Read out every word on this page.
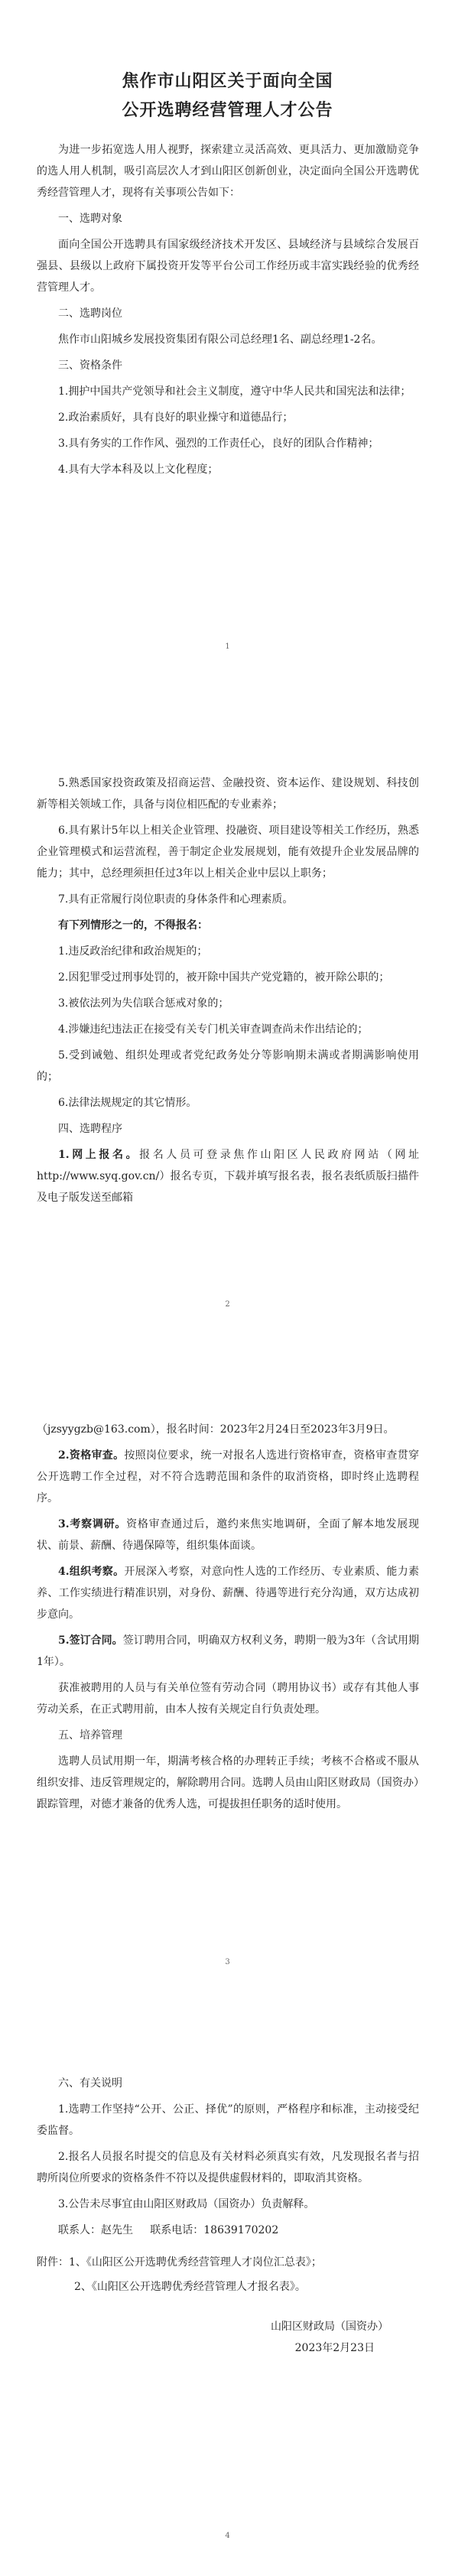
焦作市山阳区关于面向全国
公开选聘经营管理人才公告

为进一步拓宽选人用人视野，探索建立灵活高效、更具活力、更加激励竞争的选人用人机制，吸引高层次人才到山阳区创新创业，决定面向全国公开选聘优秀经营管理人才，现将有关事项公告如下：

一、选聘对象

面向全国公开选聘具有国家级经济技术开发区、县域经济与县域综合发展百强县、县级以上政府下属投资开发等平台公司工作经历或丰富实践经验的优秀经营管理人才。

二、选聘岗位

焦作市山阳城乡发展投资集团有限公司总经理1名、副总经理1-2名。

三、资格条件

1.拥护中国共产党领导和社会主义制度，遵守中华人民共和国宪法和法律；

2.政治素质好，具有良好的职业操守和道德品行；

3.具有务实的工作作风、强烈的工作责任心，良好的团队合作精神；

4.具有大学本科及以上文化程度；

1

5.熟悉国家投资政策及招商运营、金融投资、资本运作、建设规划、科技创新等相关领域工作，具备与岗位相匹配的专业素养；

6.具有累计5年以上相关企业管理、投融资、项目建设等相关工作经历，熟悉企业管理模式和运营流程，善于制定企业发展规划，能有效提升企业发展品牌的能力；其中，总经理须担任过3年以上相关企业中层以上职务；

7.具有正常履行岗位职责的身体条件和心理素质。

有下列情形之一的，不得报名：

1.违反政治纪律和政治规矩的；

2.因犯罪受过刑事处罚的，被开除中国共产党党籍的，被开除公职的；

3.被依法列为失信联合惩戒对象的；

4.涉嫌违纪违法正在接受有关专门机关审查调查尚未作出结论的；

5.受到诫勉、组织处理或者党纪政务处分等影响期未满或者期满影响使用的；

6.法律法规规定的其它情形。

四、选聘程序

1.网上报名。报名人员可登录焦作山阳区人民政府网站（网址http://www.syq.gov.cn/）报名专页，下载并填写报名表，报名表纸质版扫描件及电子版发送至邮箱

2

（jzsyygzb@163.com），报名时间：2023年2月24日至2023年3月9日。

2.资格审查。按照岗位要求，统一对报名人选进行资格审查，资格审查贯穿公开选聘工作全过程，对不符合选聘范围和条件的取消资格，即时终止选聘程序。

3.考察调研。资格审查通过后，邀约来焦实地调研，全面了解本地发展现状、前景、薪酬、待遇保障等，组织集体面谈。

4.组织考察。开展深入考察，对意向性人选的工作经历、专业素质、能力素养、工作实绩进行精准识别，对身份、薪酬、待遇等进行充分沟通，双方达成初步意向。

5.签订合同。签订聘用合同，明确双方权利义务，聘期一般为3年（含试用期1年）。

获准被聘用的人员与有关单位签有劳动合同（聘用协议书）或存有其他人事劳动关系，在正式聘用前，由本人按有关规定自行负责处理。

五、培养管理

选聘人员试用期一年，期满考核合格的办理转正手续；考核不合格或不服从组织安排、违反管理规定的，解除聘用合同。选聘人员由山阳区财政局（国资办）跟踪管理，对德才兼备的优秀人选，可提拔担任职务的适时使用。

3

六、有关说明

1.选聘工作坚持“公开、公正、择优”的原则，严格程序和标准，主动接受纪委监督。

2.报名人员报名时提交的信息及有关材料必须真实有效，凡发现报名者与招聘所岗位所要求的资格条件不符以及提供虚假材料的，即取消其资格。

3.公告未尽事宜由山阳区财政局（国资办）负责解释。

联系人：赵先生 联系电话：18639170202

附件：1、《山阳区公开选聘优秀经营管理人才岗位汇总表》；

2、《山阳区公开选聘优秀经营管理人才报名表》。

山阳区财政局（国资办）

2023年2月23日

4
